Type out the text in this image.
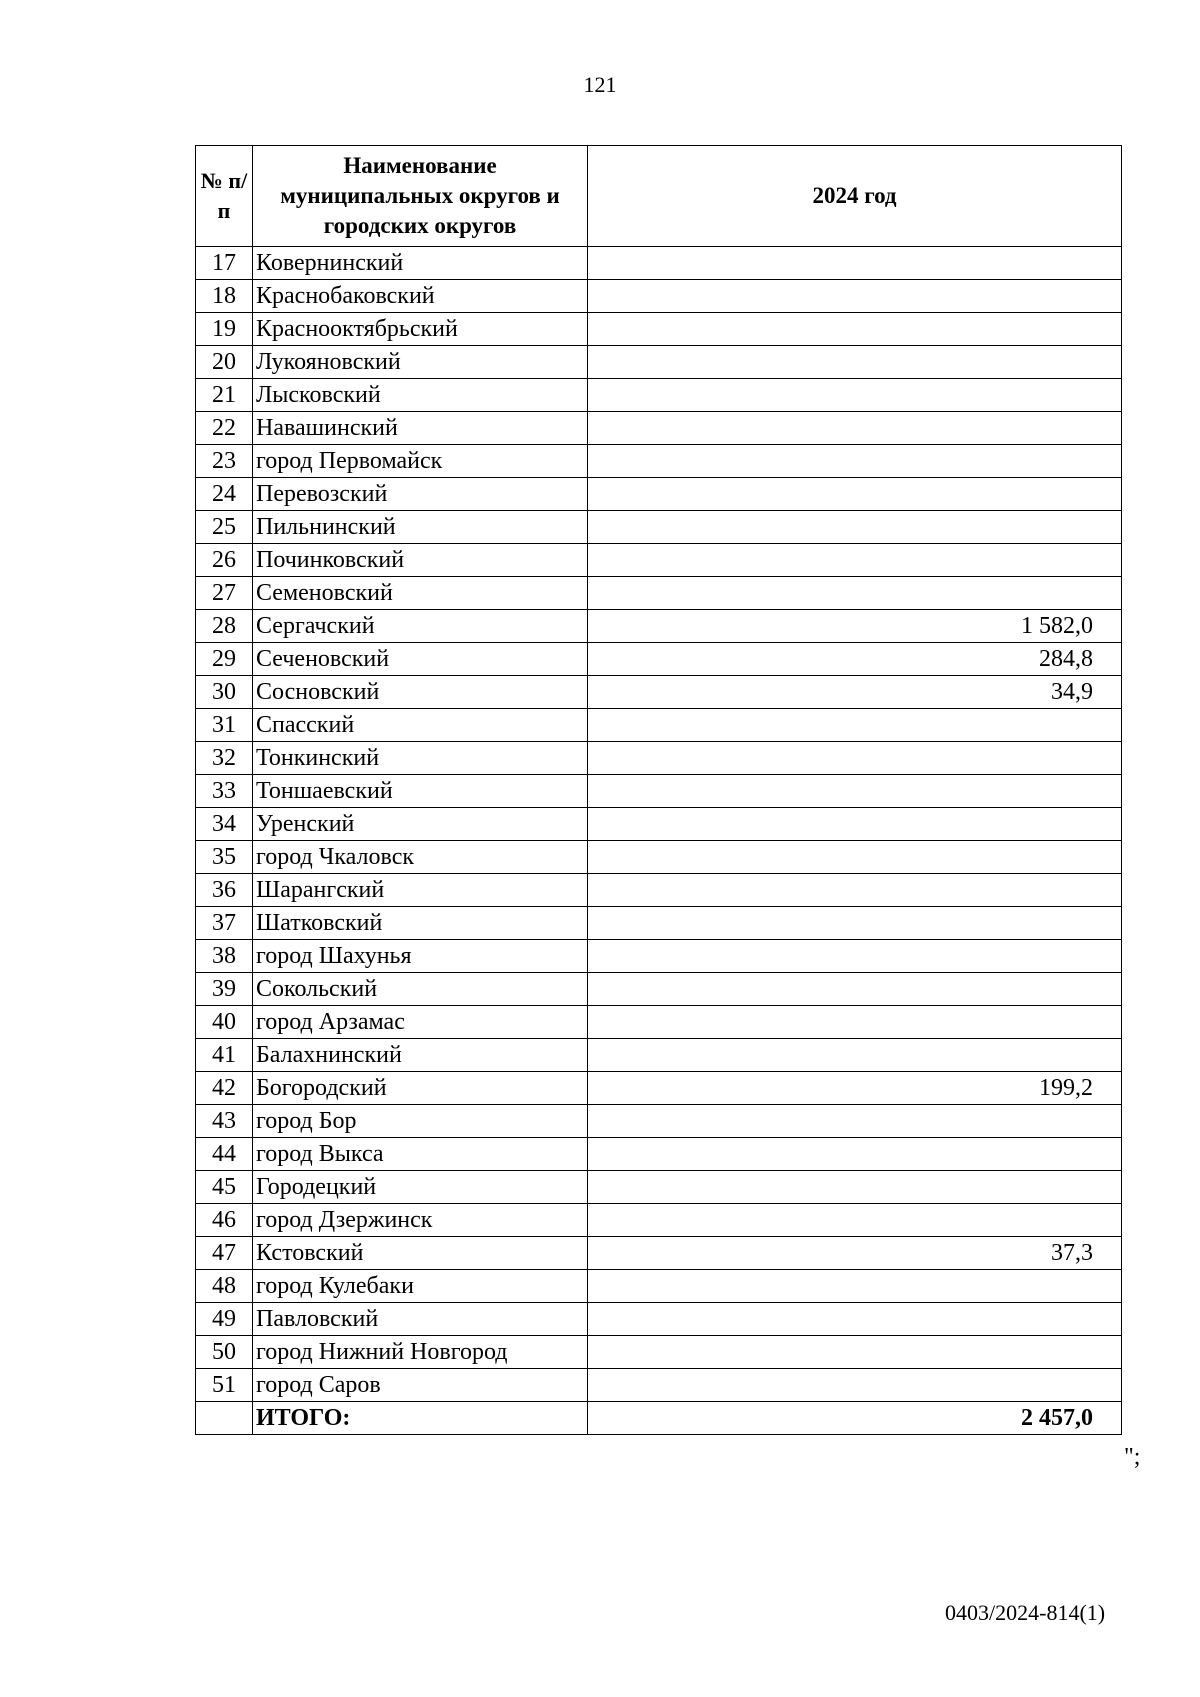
121
№ п/п	Наименование муниципальных округов и городских округов	2024 год
17	Ковернинский	
18	Краснобаковский	
19	Краснооктябрьский	
20	Лукояновский	
21	Лысковский	
22	Навашинский	
23	город Первомайск	
24	Перевозский	
25	Пильнинский	
26	Починковский	
27	Семеновский	
28	Сергачский	1 582,0
29	Сеченовский	284,8
30	Сосновский	34,9
31	Спасский	
32	Тонкинский	
33	Тоншаевский	
34	Уренский	
35	город Чкаловск	
36	Шарангский	
37	Шатковский	
38	город Шахунья	
39	Сокольский	
40	город Арзамас	
41	Балахнинский	
42	Богородский	199,2
43	город Бор	
44	город Выкса	
45	Городецкий	
46	город Дзержинск	
47	Кстовский	37,3
48	город Кулебаки	
49	Павловский	
50	город Нижний Новгород	
51	город Саров	
	ИТОГО:	2 457,0
";
0403/2024-814(1)
